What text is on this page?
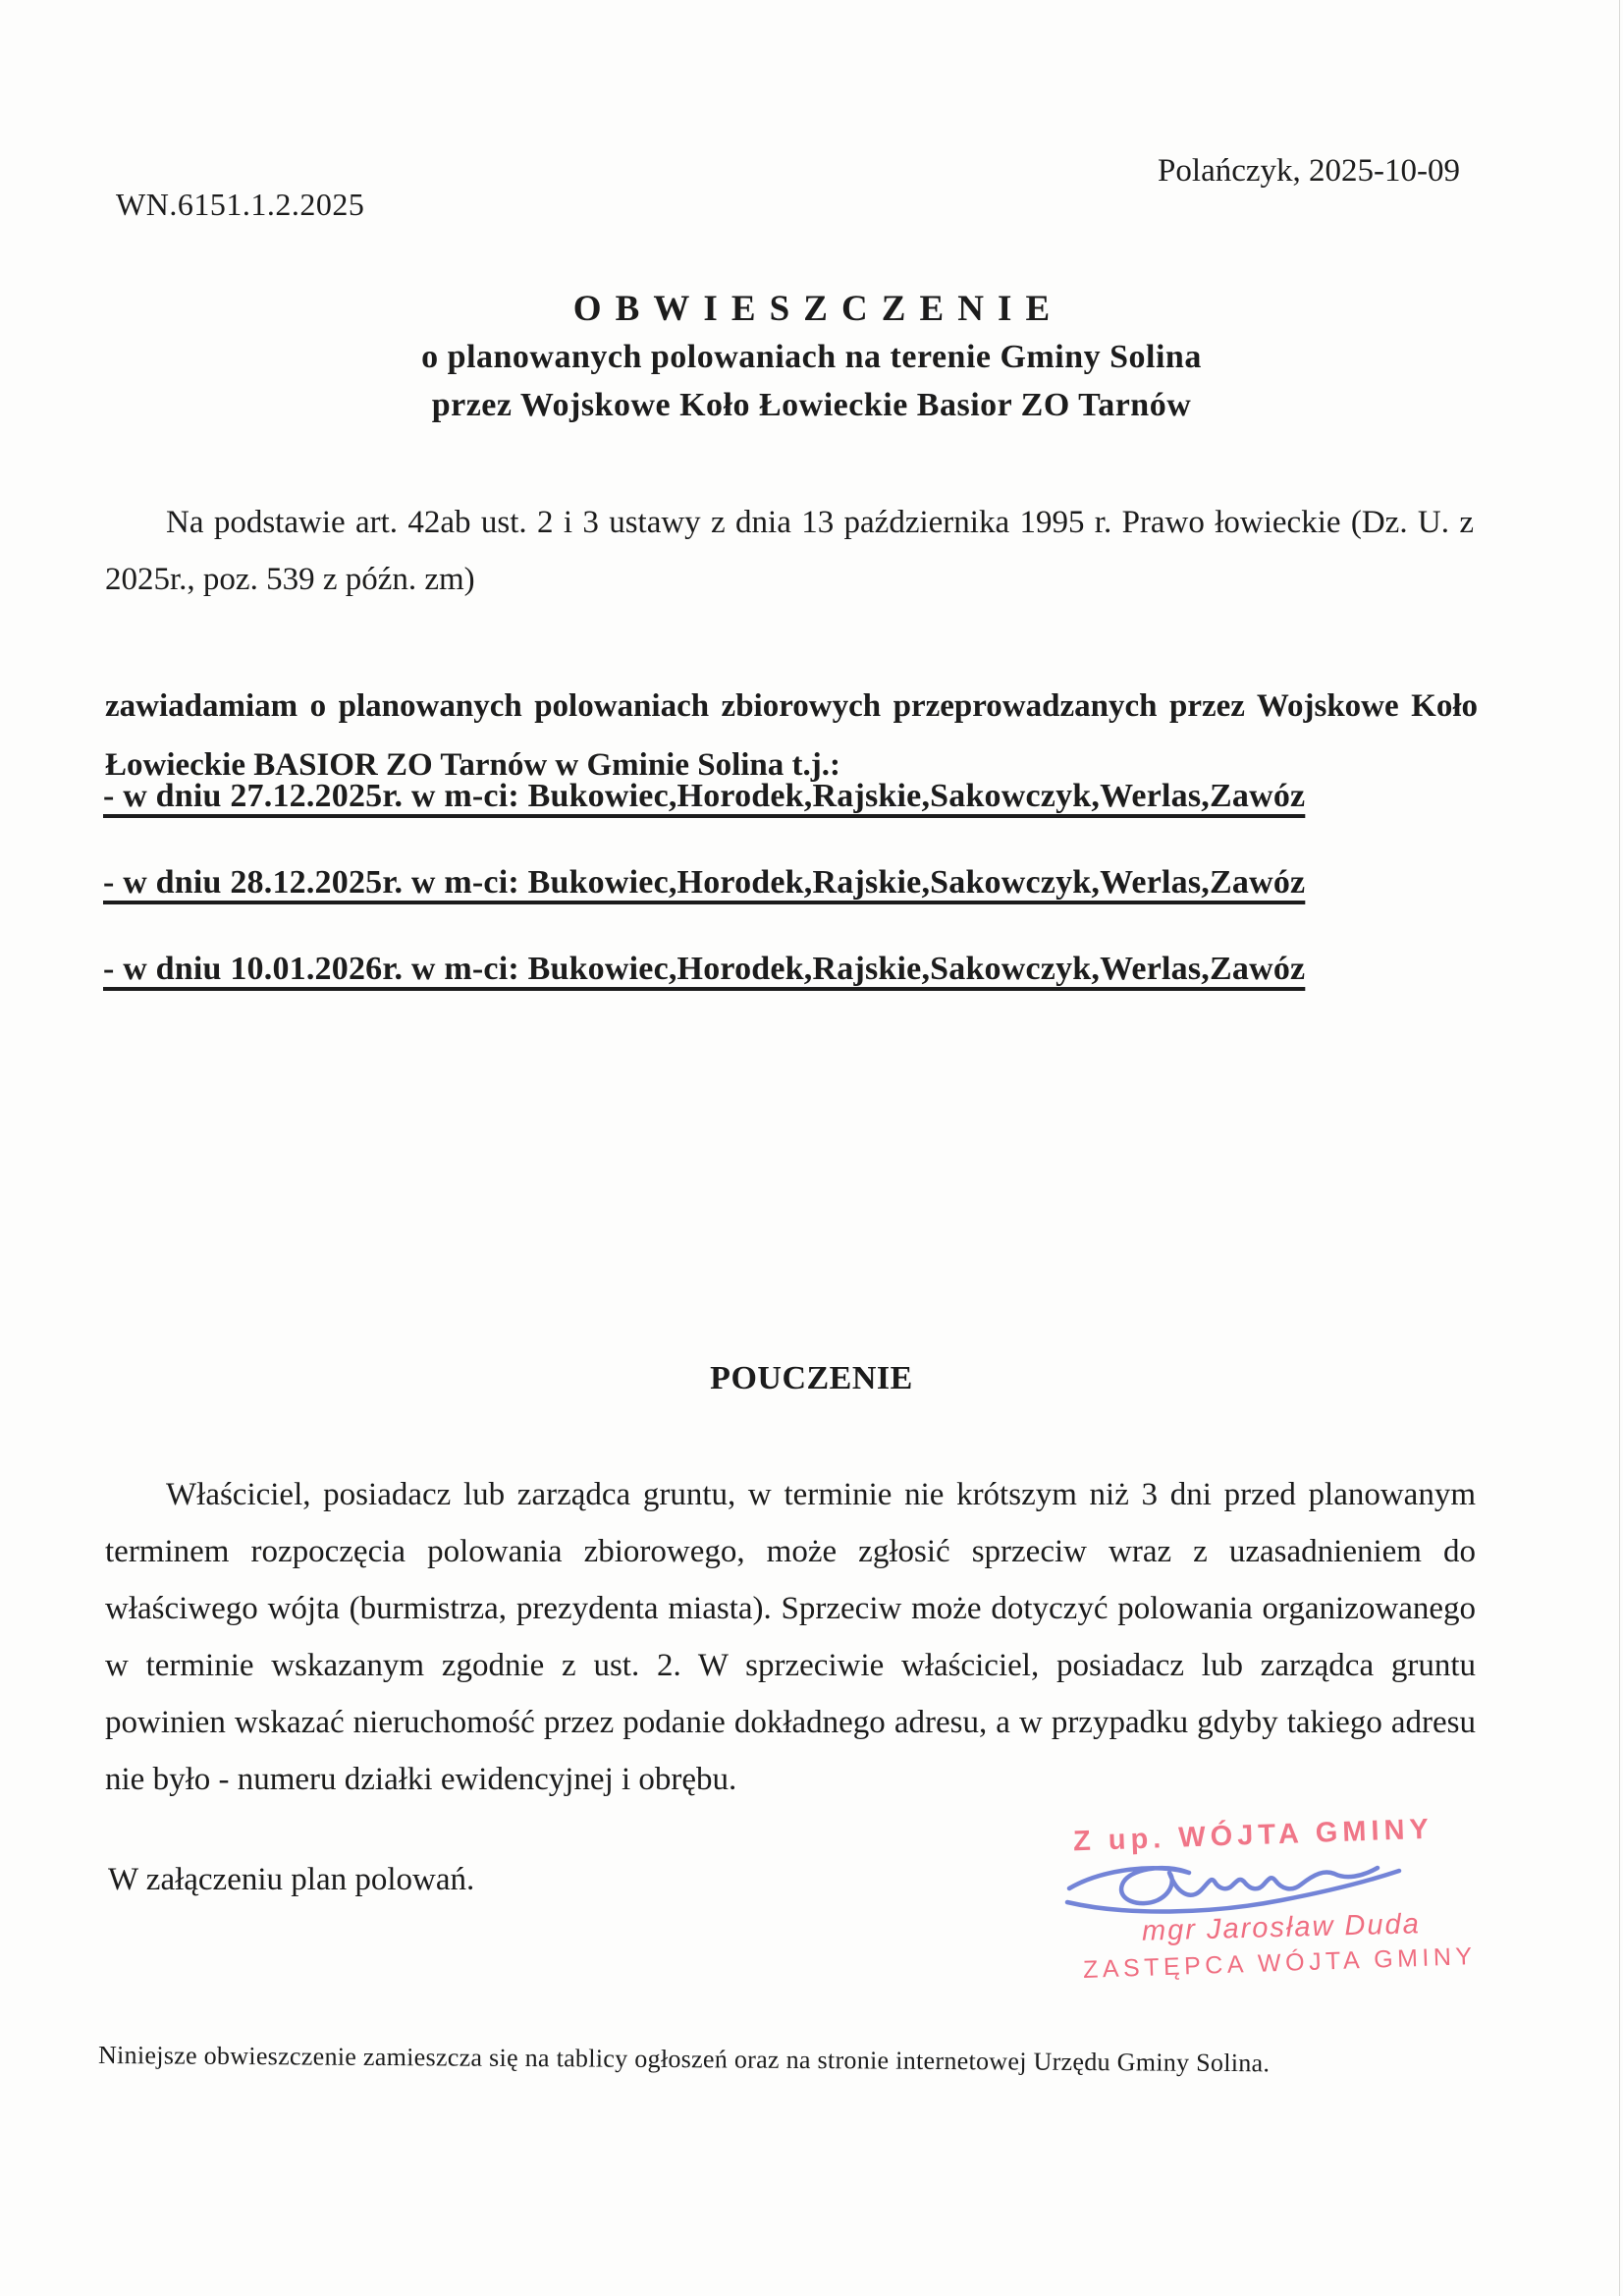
Polańczyk, 2025-10-09
WN.6151.1.2.2025
OBWIESZCZENIE
o planowanych polowaniach na terenie Gminy Solina
przez Wojskowe Koło Łowieckie Basior ZO Tarnów

Na podstawie art. 42ab ust. 2 i 3 ustawy z dnia 13 października 1995 r. Prawo łowieckie (Dz. U. z 2025r., poz. 539 z późn. zm)

zawiadamiam o planowanych polowaniach zbiorowych przeprowadzanych przez Wojskowe Koło Łowieckie BASIOR ZO Tarnów w Gminie Solina t.j.:

- w dniu 27.12.2025r. w m-ci: Bukowiec,Horodek,Rajskie,Sakowczyk,Werlas,Zawóz
- w dniu 28.12.2025r. w m-ci: Bukowiec,Horodek,Rajskie,Sakowczyk,Werlas,Zawóz
- w dniu 10.01.2026r. w m-ci: Bukowiec,Horodek,Rajskie,Sakowczyk,Werlas,Zawóz
POUCZENIE

Właściciel, posiadacz lub zarządca gruntu, w terminie nie krótszym niż 3 dni przed planowanym terminem rozpoczęcia polowania zbiorowego, może zgłosić sprzeciw wraz z uzasadnieniem do właściwego wójta (burmistrza, prezydenta miasta). Sprzeciw może dotyczyć polowania organizowanego w terminie wskazanym zgodnie z ust. 2. W sprzeciwie właściciel, posiadacz lub zarządca gruntu powinien wskazać nieruchomość przez podanie dokładnego adresu, a w przypadku gdyby takiego adresu nie było - numeru działki ewidencyjnej i obrębu.

W załączeniu plan polowań.
Z up. WÓJTA GMINY
mgr Jarosław Duda
ZASTĘPCA WÓJTA GMINY
Niniejsze obwieszczenie zamieszcza się na tablicy ogłoszeń oraz na stronie internetowej Urzędu Gminy Solina.
